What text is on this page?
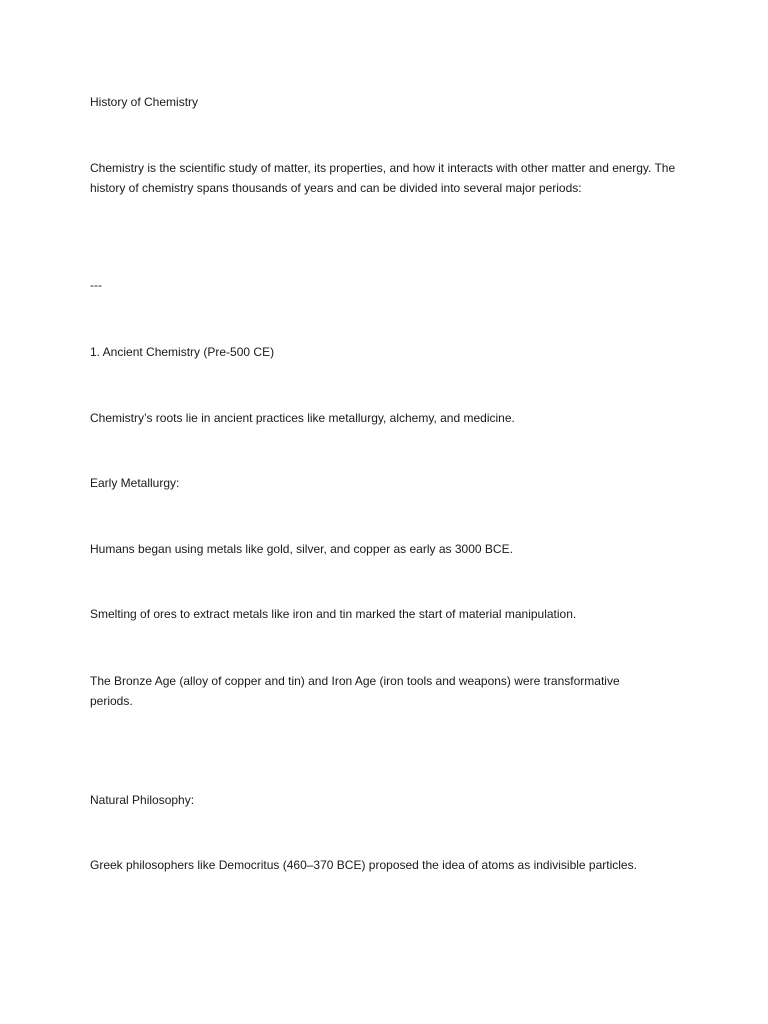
History of Chemistry
Chemistry is the scientific study of matter, its properties, and how it interacts with other matter and energy. The history of chemistry spans thousands of years and can be divided into several major periods:
---
1. Ancient Chemistry (Pre-500 CE)
Chemistry’s roots lie in ancient practices like metallurgy, alchemy, and medicine.
Early Metallurgy:
Humans began using metals like gold, silver, and copper as early as 3000 BCE.
Smelting of ores to extract metals like iron and tin marked the start of material manipulation.
The Bronze Age (alloy of copper and tin) and Iron Age (iron tools and weapons) were transformative periods.
Natural Philosophy:
Greek philosophers like Democritus (460–370 BCE) proposed the idea of atoms as indivisible particles.
